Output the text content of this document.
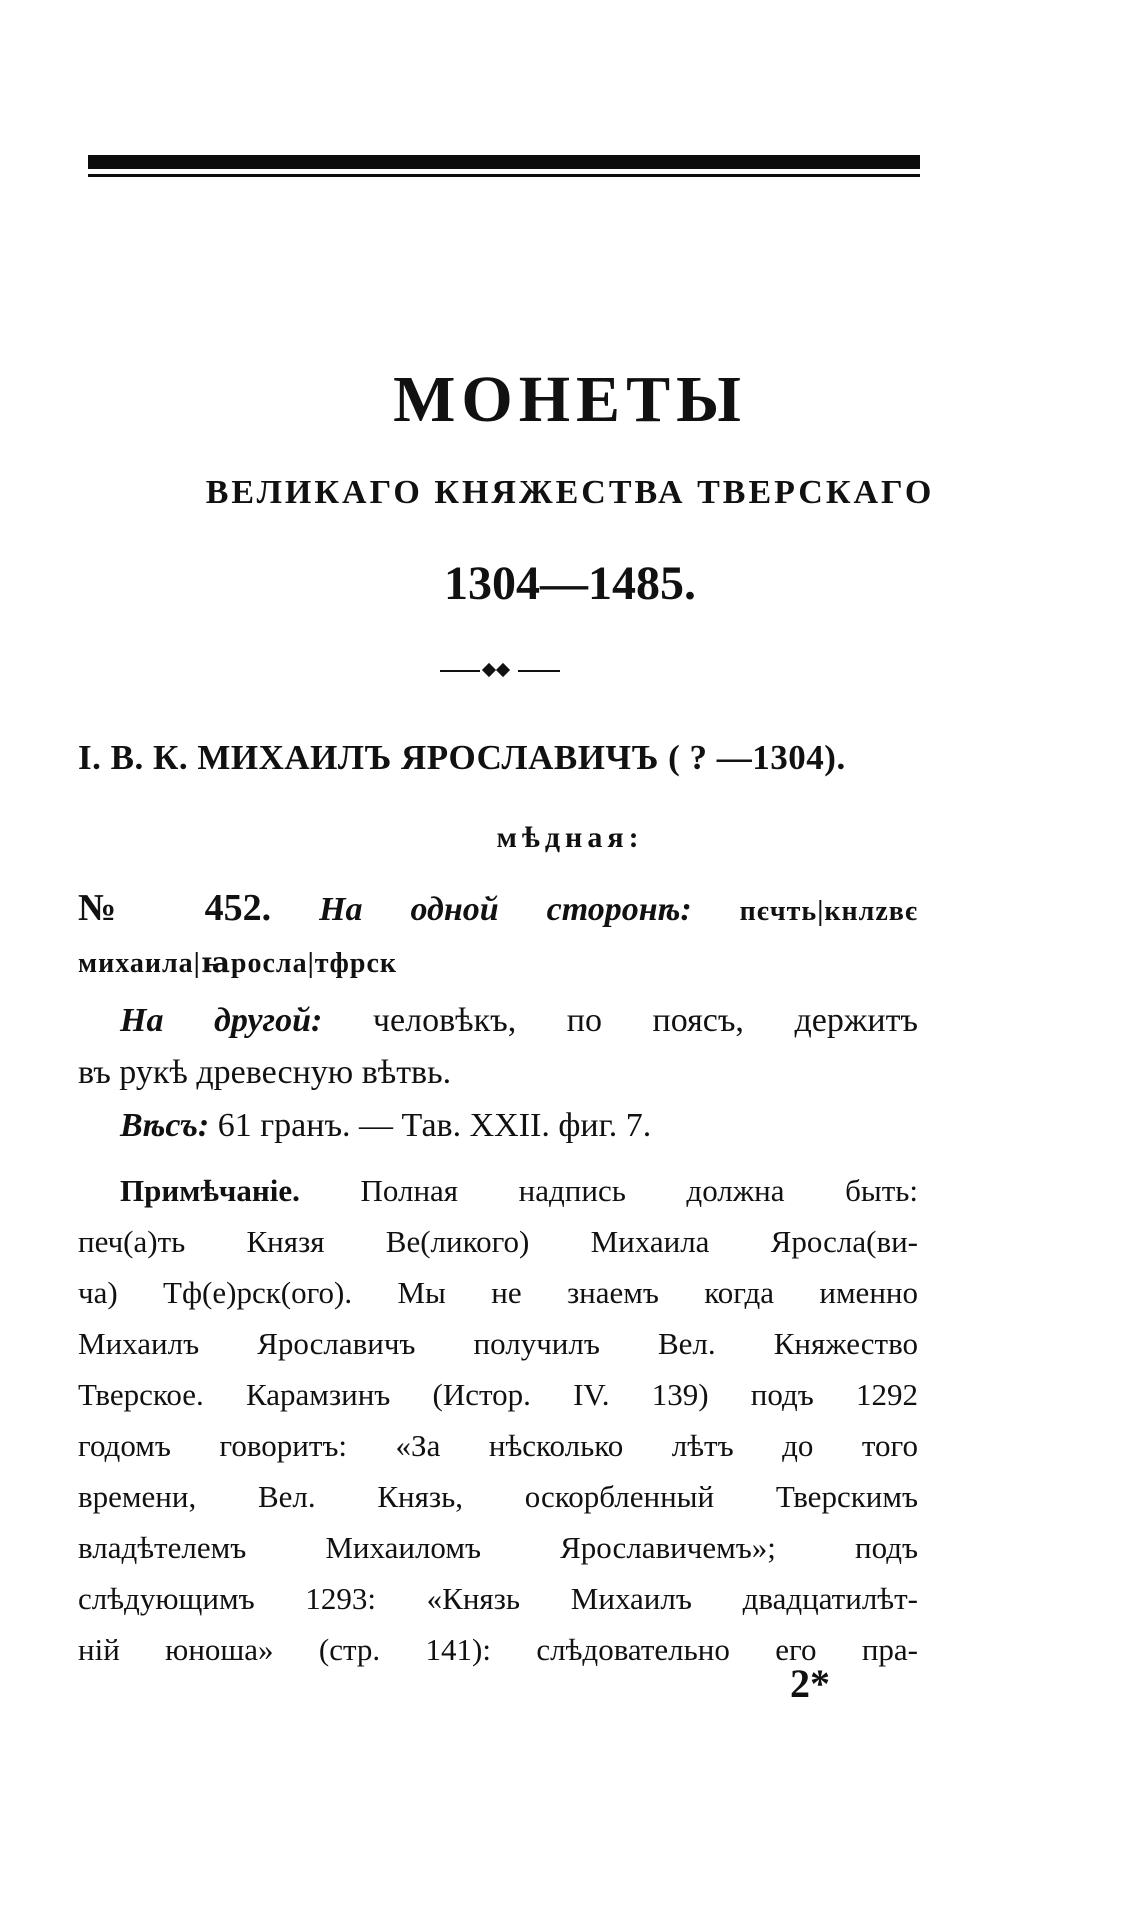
МОНЕТЫ
ВЕЛИКАГО КНЯЖЕСТВА ТВЕРСКАГО
1304—1485.
I. В. К. МИХАИЛЪ ЯРОСЛАВИЧЪ ( ? —1304).
мѣдная:
№ 452. На одной сторонѣ: пєчть|кнлzвє
михаила|ꙗросла|тфрск
На другой: человѣкъ, по поясъ, держитъ
въ рукѣ древесную вѣтвь.
Вѣсъ: 61 гранъ. — Тав. XXII. фиг. 7.
Примѣчаніе. Полная надпись должна быть:
печ(а)ть Князя Ве(ликого) Михаила Яросла(ви-
ча) Тф(е)рск(ого). Мы не знаемъ когда именно
Михаилъ Ярославичъ получилъ Вел. Княжество
Тверское. Карамзинъ (Истор. IV. 139) подъ 1292
годомъ говоритъ: «За нѣсколько лѣтъ до того
времени, Вел. Князь, оскорбленный Тверскимъ
владѣтелемъ Михаиломъ Ярославичемъ»; подъ
слѣдующимъ 1293: «Князь Михаилъ двадцатилѣт-
ній юноша» (стр. 141): слѣдовательно его пра-
2*
